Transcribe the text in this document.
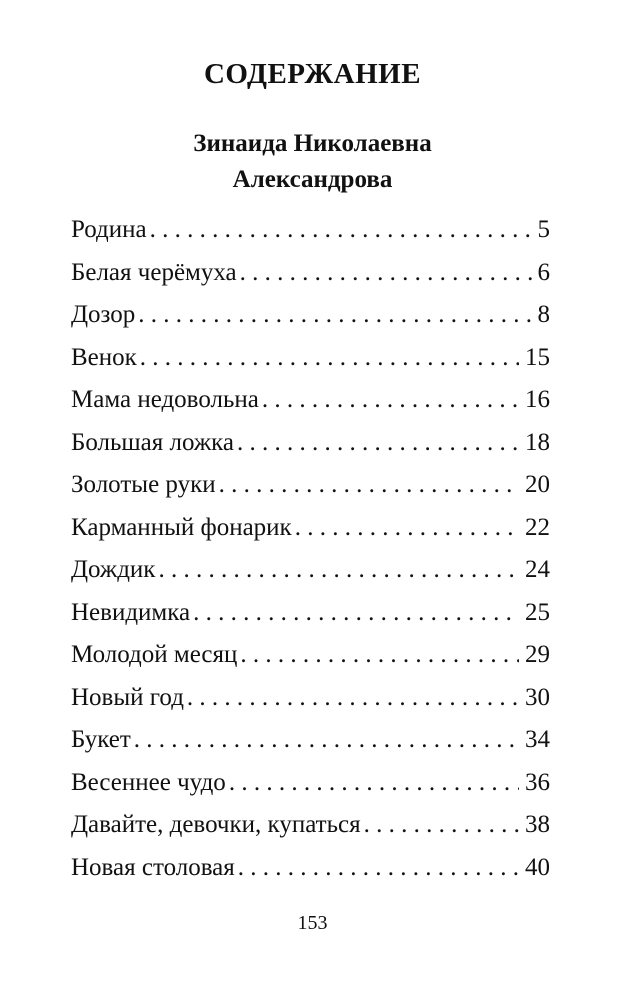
СОДЕРЖАНИЕ
Зинаида Николаевна
Александрова
Родина . . .	5
Белая черёмуха . . .	6
Дозор . . .	8
Венок . . .	15
Мама недовольна . . .	16
Большая ложка . . .	18
Золотые руки . . .	20
Карманный фонарик . . .	22
Дождик . . .	24
Невидимка . . .	25
Молодой месяц . . .	29
Новый год . . .	30
Букет . . .	34
Весеннее чудо . . .	36
Давайте, девочки, купаться . . .	38
Новая столовая . . .	40
153
